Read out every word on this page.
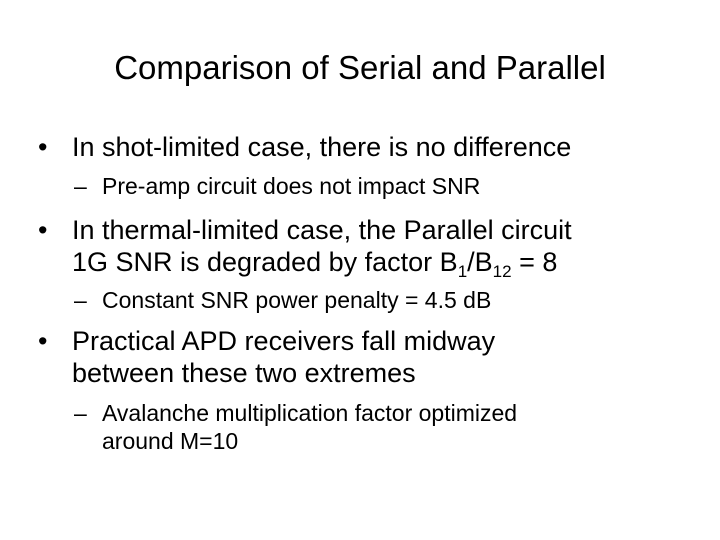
Comparison of Serial and Parallel
• In shot-limited case, there is no difference
– Pre-amp circuit does not impact SNR
• In thermal-limited case, the Parallel circuit
1G SNR is degraded by factor $B_1/B_{12} = 8$
– Constant SNR power penalty = 4.5 dB
• Practical APD receivers fall midway
between these two extremes
– Avalanche multiplication factor optimized
around M=10
